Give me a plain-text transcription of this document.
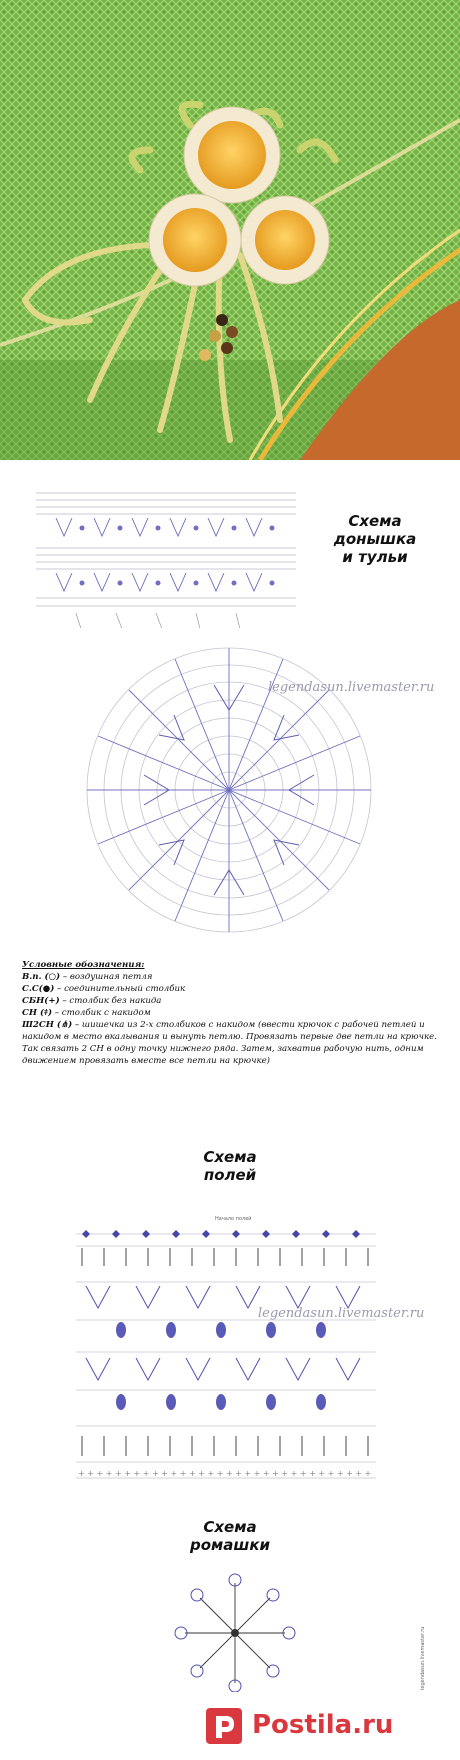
Схема
донышка
и тульи
legendasun.livemaster.ru
Условные обозначения:
В.п. (○) – воздушная петля
С.С(●) – соединительный столбик
СБН(+) – столбик без накида
СН (ǂ) – столбик с накидом
Ш2СН (⋔) – шишечка из 2-х столбиков с накидом (ввести крючок с рабочей петлей и накидом в место вкалывания и вынуть петлю. Провязать первые две петли на крючке. Так связать 2 СН в одну точку нижнего ряда. Затем, захватив рабочую нить, одним движением провязать вместе все петли на крючке)
Схема
полей
Начало полей
+ + + + + + + + + + + + + + + + + + + + + + + + + + + + + + + +
legendasun.livemaster.ru
Схема
ромашки
legendasun.livemaster.ru
Postila.ru
